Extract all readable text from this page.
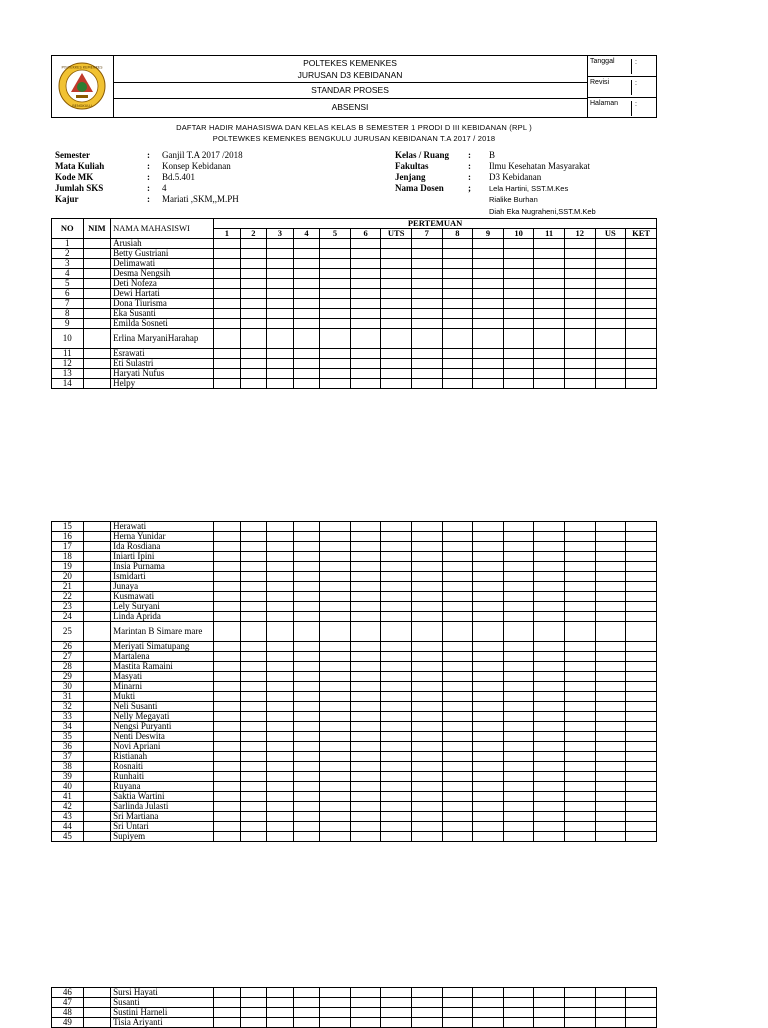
POLTEKKES KEMENKES
BENGKULU
POLTEKES KEMENKES
JURUSAN D3 KEBIDANAN
STANDAR PROSES
ABSENSI
Tanggal	:
Revisi	:
Halaman :
DAFTAR HADIR MAHASISWA DAN KELAS KELAS B SEMESTER 1 PRODI D III KEBIDANAN (RPL )
POLTEWKES KEMENKES BENGKULU JURUSAN KEBIDANAN T.A 2017 / 2018
Semester	: Ganjil T.A 2017 /2018
Mata Kuliah	: Konsep Kebidanan
Kode MK	: Bd.5.401
Jumlah SKS	: 4
Kajur	: Mariati ,SKM,,M.PH
Kelas / Ruang : B
Fakultas	: Ilmu Kesehatan Masyarakat
Jenjang	: D3 Kebidanan
Nama Dosen	; Lela Hartini, SST.M.Kes
Rialike Burhan
Diah Eka Nugraheni,SST.M.Keb
NO	NIM	NAMA MAHASISWI	PERTEMUAN														
			1	2	3	4	5	6	UTS	7	8	9	10	11	12	US	KET
1		Arusiah															
2		Betty Gustriani															
3		Delimawati															
4		Desma Nengsih															
5		Deti Nofeza															
6		Dewi Hartati															
7		Dona Tiurisma															
8		Eka Susanti															
9		Emilda Sosneti															
10		Erlina MaryaniHarahap															
11		Esrawati															
12		Eti Sulastri															
13		Haryati Nufus															
14		Helpy															
15		Herawati															
16		Herna Yunidar															
17		Ida Rosdiana															
18		Iniarti Ipini															
19		Insia Purnama															
20		Ismidarti															
21		Junaya															
22		Kusmawati															
23		Lely Suryani															
24		Linda Aprida															
25		Marintan B Simare mare															
26		Meriyati Simatupang															
27		Martalena															
28		Mastita Ramaini															
29		Masyati															
30		Minarni															
31		Mukti															
32		Neli Susanti															
33		Nelly Megayati															
34		Nengsi Puryanti															
35		Nenti Deswita															
36		Novi Apriani															
37		Ristianah															
38		Rosnaiti															
39		Runhaiti															
40		Ruyana															
41		Saktia Wartini															
42		Sarlinda Julasti															
43		Sri Martiana															
44		Sri Untari															
45		Supiyem															
46		Sursi Hayati															
47		Susanti															
48		Sustini Harneli															
49		Tisia Ariyanti															
